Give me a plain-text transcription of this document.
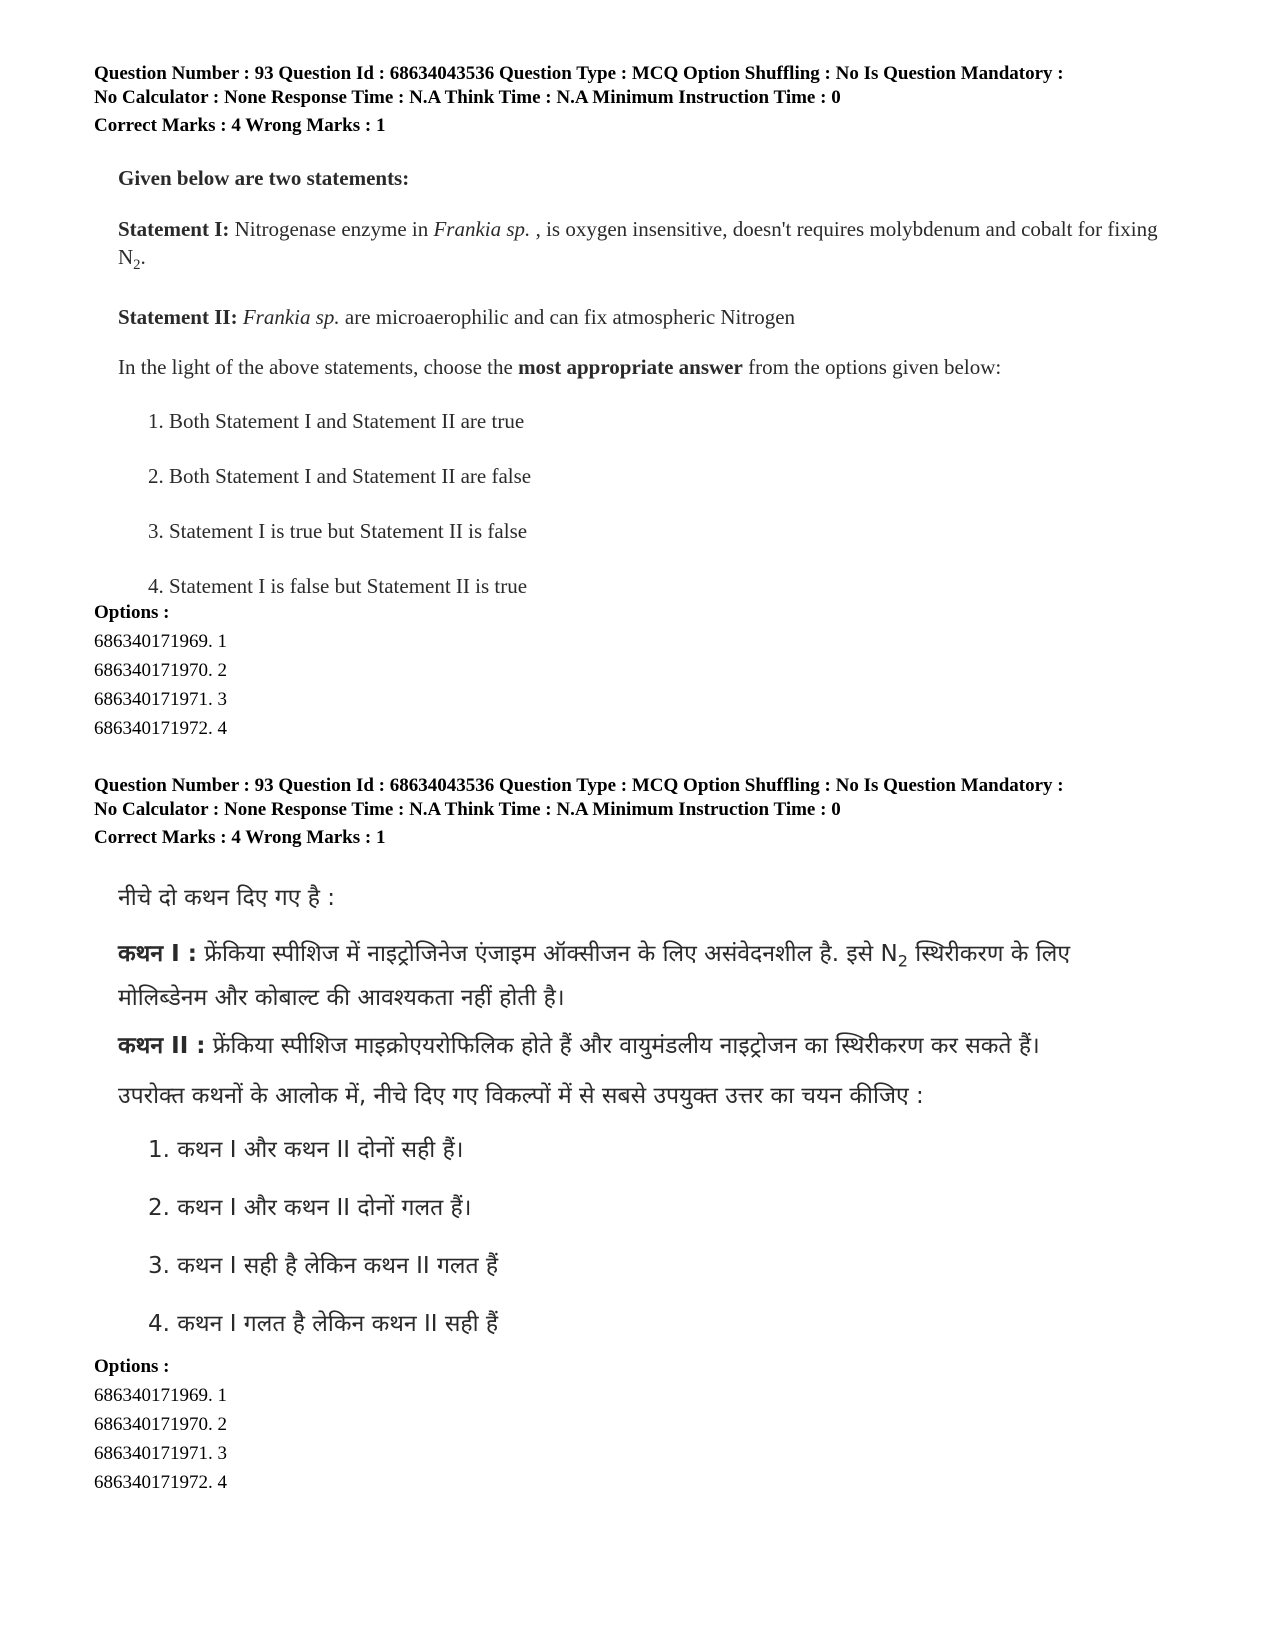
Question Number : 93 Question Id : 68634043536 Question Type : MCQ Option Shuffling : No Is Question Mandatory :
No Calculator : None Response Time : N.A Think Time : N.A Minimum Instruction Time : 0
Correct Marks : 4 Wrong Marks : 1

Given below are two statements:

Statement I: Nitrogenase enzyme in Frankia sp. , is oxygen insensitive, doesn't requires molybdenum and cobalt for fixing $N_2$.

Statement II: Frankia sp. are microaerophilic and can fix atmospheric Nitrogen

In the light of the above statements, choose the most appropriate answer from the options given below:

1. Both Statement I and Statement II are true
2. Both Statement I and Statement II are false
3. Statement I is true but Statement II is false
4. Statement I is false but Statement II is true
Options :
686340171969. 1
686340171970. 2
686340171971. 3
686340171972. 4
Question Number : 93 Question Id : 68634043536 Question Type : MCQ Option Shuffling : No Is Question Mandatory :
No Calculator : None Response Time : N.A Think Time : N.A Minimum Instruction Time : 0
Correct Marks : 4 Wrong Marks : 1

नीचे दो कथन दिए गए है :

कथन I : फ्रेंकिया स्पीशिज में नाइट्रोजिनेज एंजाइम ऑक्सीजन के लिए असंवेदनशील है. इसे $N_2$ स्थिरीकरण के लिए मोलिब्डेनम और कोबाल्ट की आवश्यकता नहीं होती है।

कथन II : फ्रेंकिया स्पीशिज माइक्रोएयरोफिलिक होते हैं और वायुमंडलीय नाइट्रोजन का स्थिरीकरण कर सकते हैं।

उपरोक्त कथनों के आलोक में, नीचे दिए गए विकल्पों में से सबसे उपयुक्त उत्तर का चयन कीजिए :

1. कथन I और कथन II दोनों सही हैं।
2. कथन I और कथन II दोनों गलत हैं।
3. कथन I सही है लेकिन कथन II गलत हैं
4. कथन I गलत है लेकिन कथन II सही हैं
Options :
686340171969. 1
686340171970. 2
686340171971. 3
686340171972. 4
